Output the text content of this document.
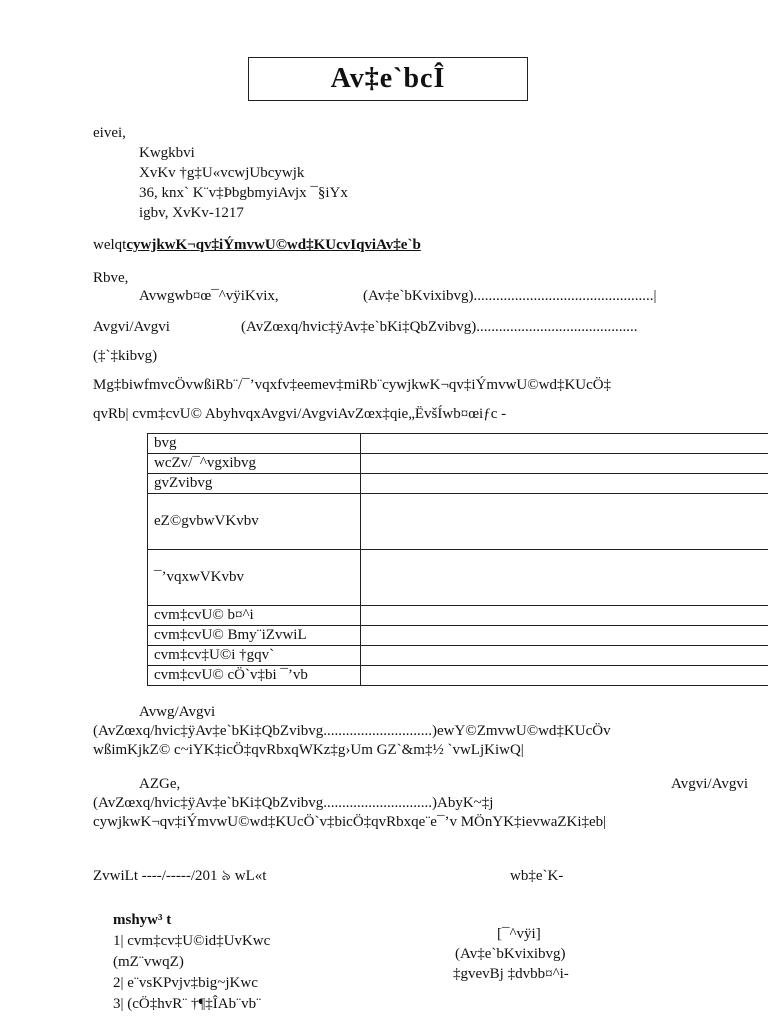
Av‡e`bcÎ
eivei,
Kwgkbvi
XvKv †g‡U«vcwjUbcywjk
36, knx` K¨v‡ÞbgbmyiAvjx ¯§iYx
igbv, XvKv-1217
welqtcywjkwK¬qv‡iÝmvwU©wd‡KUcvIqviAv‡e`b
Rbve,
Avwgwb¤œ¯^vÿiKvix,	(Av‡e`bKvixibvg)................................................|
Avgvi/Avgvi	(AvZœxq/hvic‡ÿAv‡e`bKi‡QbZvibvg)...........................................
(‡`‡kibvg)
Mg‡biwfmvcÖvwßiRb¨/¯’vqxfv‡eemev‡miRb¨cywjkwK¬qv‡iÝmvwU©wd‡KUcÖ‡
qvRb| cvm‡cvU© AbyhvqxAvgvi/AvgviAvZœx‡qie„ËvšÍwb¤œiƒc -
bvg	
wcZv/¯^vgxibvg	
gvZvibvg	
eZ©gvbwVKvbv	
¯’vqxwVKvbv	
cvm‡cvU© b¤^i	
cvm‡cvU© Bmy¨iZvwiL	
cvm‡cv‡U©i †gqv`	
cvm‡cvU© cÖ`v‡bi ¯’vb	
Avwg/Avgvi
(AvZœxq/hvic‡ÿAv‡e`bKi‡QbZvibvg.............................)ewY©ZmvwU©wd‡KUcÖv
wßimKjkZ© c~iYK‡icÖ‡qvRbxqWKz‡g›Um GZ`&m‡½ `vwLjKiwQ|
AZGe,	Avgvi/Avgvi
(AvZœxq/hvic‡ÿAv‡e`bKi‡QbZvibvg.............................)AbyK~‡j
cywjkwK¬qv‡iÝmvwU©wd‡KUcÖ`v‡bicÖ‡qvRbxqe¨e¯’v MÖnYK‡ievwaZKi‡eb|
ZvwiLt ----/-----/201 ৯ wL«t	wb‡e`K-
mshyw³ t
1| cvm‡cv‡U©id‡UvKwc
(mZ¨vwqZ)
2| e¨vsKPvjv‡big~jKwc
3| (cÖ‡hvR¨ †¶‡ÎAb¨vb¨
[¯^vÿi]
(Av‡e`bKvixibvg)
‡gvevBj ‡dvbb¤^i-
